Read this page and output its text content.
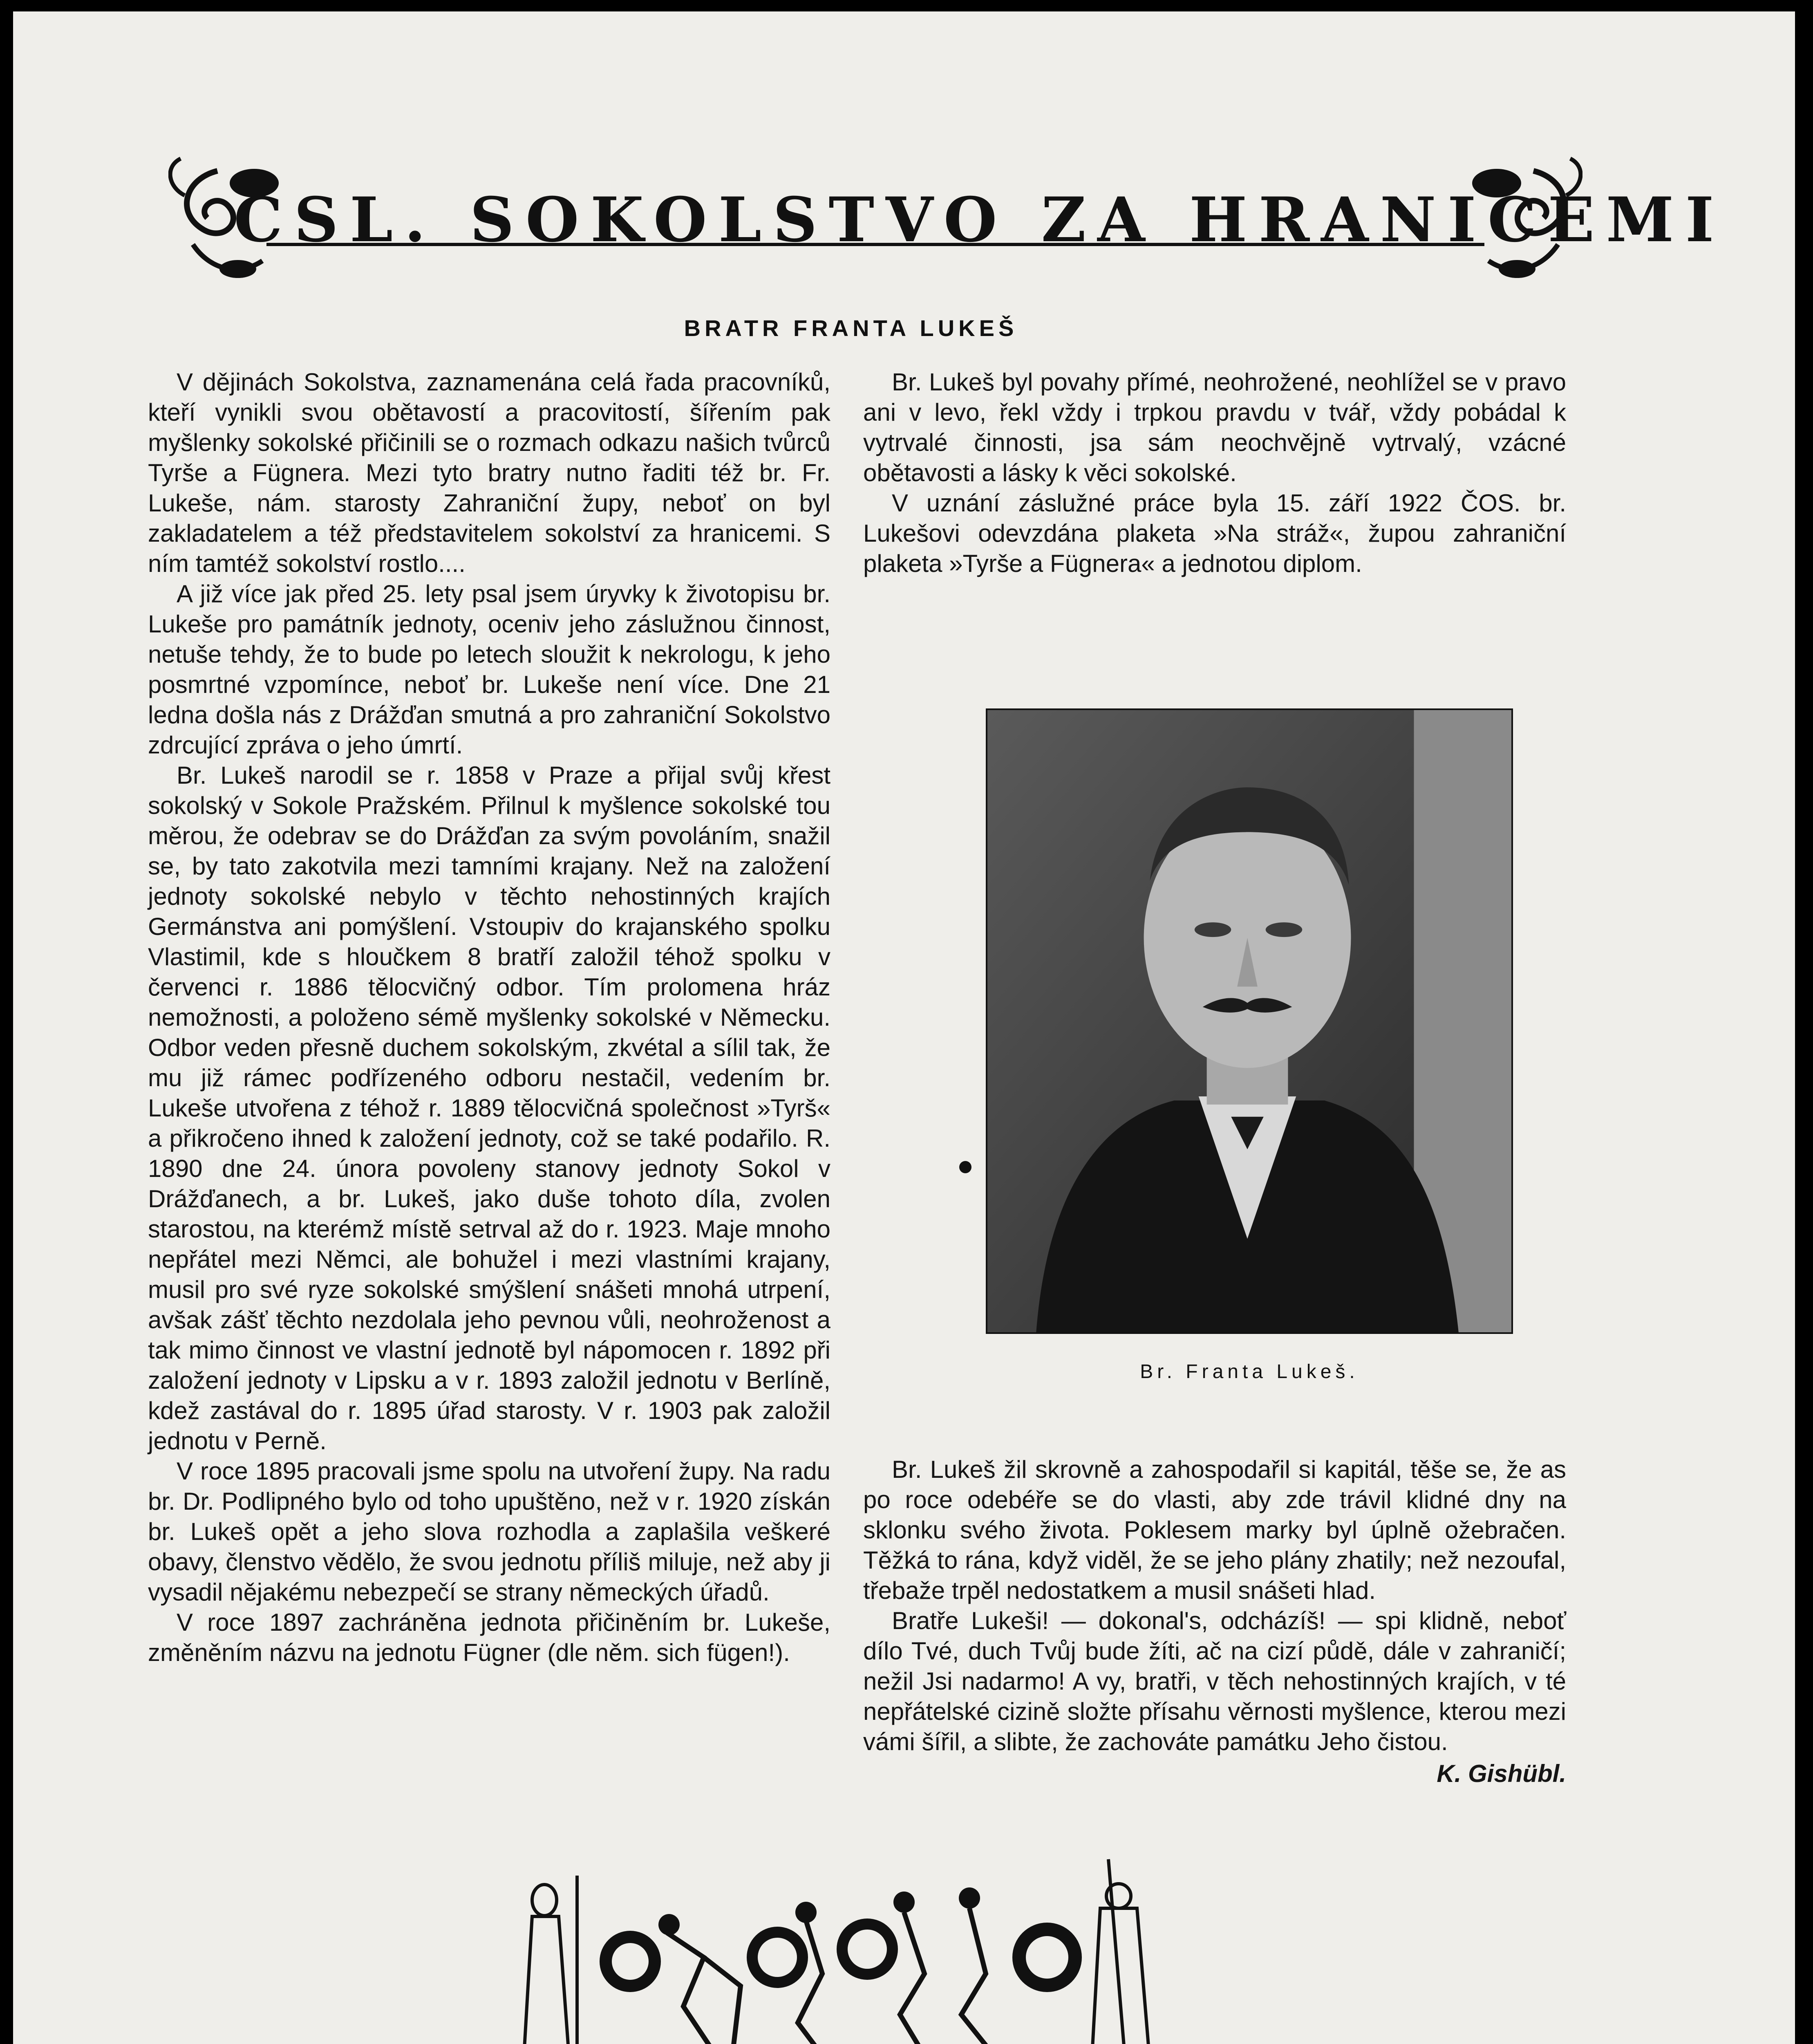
ČSL. SOKOLSTVO ZA HRANICEMI
BRATR FRANTA LUKEŠ

V dějinách Sokolstva, zaznamenána celá řada pracovníků, kteří vynikli svou obětavostí a pracovitostí, šířením pak myšlenky sokolské přičinili se o rozmach odkazu našich tvůrců Tyrše a Fügnera. Mezi tyto bratry nutno řaditi též br. Fr. Lukeše, nám. starosty Zahraniční župy, neboť on byl zakladatelem a též představitelem sokolství za hranicemi. S ním tamtéž sokolství rostlo....

A již více jak před 25. lety psal jsem úryvky k životopisu br. Lukeše pro památník jednoty, oceniv jeho záslužnou činnost, netuše tehdy, že to bude po letech sloužit k nekrologu, k jeho posmrtné vzpomínce, neboť br. Lukeše není více. Dne 21 ledna došla nás z Drážďan smutná a pro zahraniční Sokolstvo zdrcující zpráva o jeho úmrtí.

Br. Lukeš narodil se r. 1858 v Praze a přijal svůj křest sokolský v Sokole Pražském. Přilnul k myšlence sokolské tou měrou, že odebrav se do Drážďan za svým povoláním, snažil se, by tato zakotvila mezi tamními krajany. Než na založení jednoty sokolské nebylo v těchto nehostinných krajích Germánstva ani pomýšlení. Vstoupiv do krajanského spolku Vlastimil, kde s hloučkem 8 bratří založil téhož spolku v červenci r. 1886 tělocvičný odbor. Tím prolomena hráz nemožnosti, a položeno sémě myšlenky sokolské v Německu. Odbor veden přesně duchem sokolským, zkvétal a sílil tak, že mu již rámec podřízeného odboru nestačil, vedením br. Lukeše utvořena z téhož r. 1889 tělocvičná společnost »Tyrš« a přikročeno ihned k založení jednoty, což se také podařilo. R. 1890 dne 24. února povoleny stanovy jednoty Sokol v Drážďanech, a br. Lukeš, jako duše tohoto díla, zvolen starostou, na kterémž místě setrval až do r. 1923. Maje mnoho nepřátel mezi Němci, ale bohužel i mezi vlastními krajany, musil pro své ryze sokolské smýšlení snášeti mnohá utrpení, avšak zášť těchto nezdolala jeho pevnou vůli, neohroženost a tak mimo činnost ve vlastní jednotě byl nápomocen r. 1892 při založení jednoty v Lipsku a v r. 1893 založil jednotu v Berlíně, kdež zastával do r. 1895 úřad starosty. V r. 1903 pak založil jednotu v Perně.

V roce 1895 pracovali jsme spolu na utvoření župy. Na radu br. Dr. Podlipného bylo od toho upuštěno, než v r. 1920 získán br. Lukeš opět a jeho slova rozhodla a zaplašila veškeré obavy, členstvo vědělo, že svou jednotu příliš miluje, než aby ji vysadil nějakému nebezpečí se strany německých úřadů.

V roce 1897 zachráněna jednota přičiněním br. Lukeše, změněním názvu na jednotu Fügner (dle něm. sich fügen!).

Br. Lukeš byl povahy přímé, neohrožené, neohlížel se v pravo ani v levo, řekl vždy i trpkou pravdu v tvář, vždy pobádal k vytrvalé činnosti, jsa sám neochvějně vytrvalý, vzácné obětavosti a lásky k věci sokolské.

V uznání záslužné práce byla 15. září 1922 ČOS. br. Lukešovi odevzdána plaketa »Na stráž«, župou zahraniční plaketa »Tyrše a Fügnera« a jednotou diplom.

Br. Franta Lukeš.

Br. Lukeš žil skrovně a zahospodařil si kapitál, těše se, že as po roce odebéře se do vlasti, aby zde trávil klidné dny na sklonku svého života. Poklesem marky byl úplně ožebračen. Těžká to rána, když viděl, že se jeho plány zhatily; než nezoufal, třebaže trpěl nedostatkem a musil snášeti hlad.

Bratře Lukeši! — dokonal's, odcházíš! — spi klidně, neboť dílo Tvé, duch Tvůj bude žíti, ač na cizí půdě, dále v zahraničí; nežil Jsi nadarmo! A vy, bratři, v těch nehostinných krajích, v té nepřátelské cizině složte přísahu věrnosti myšlence, kterou mezi vámi šířil, a slibte, že zachováte památku Jeho čistou.

K. Gishübl.
